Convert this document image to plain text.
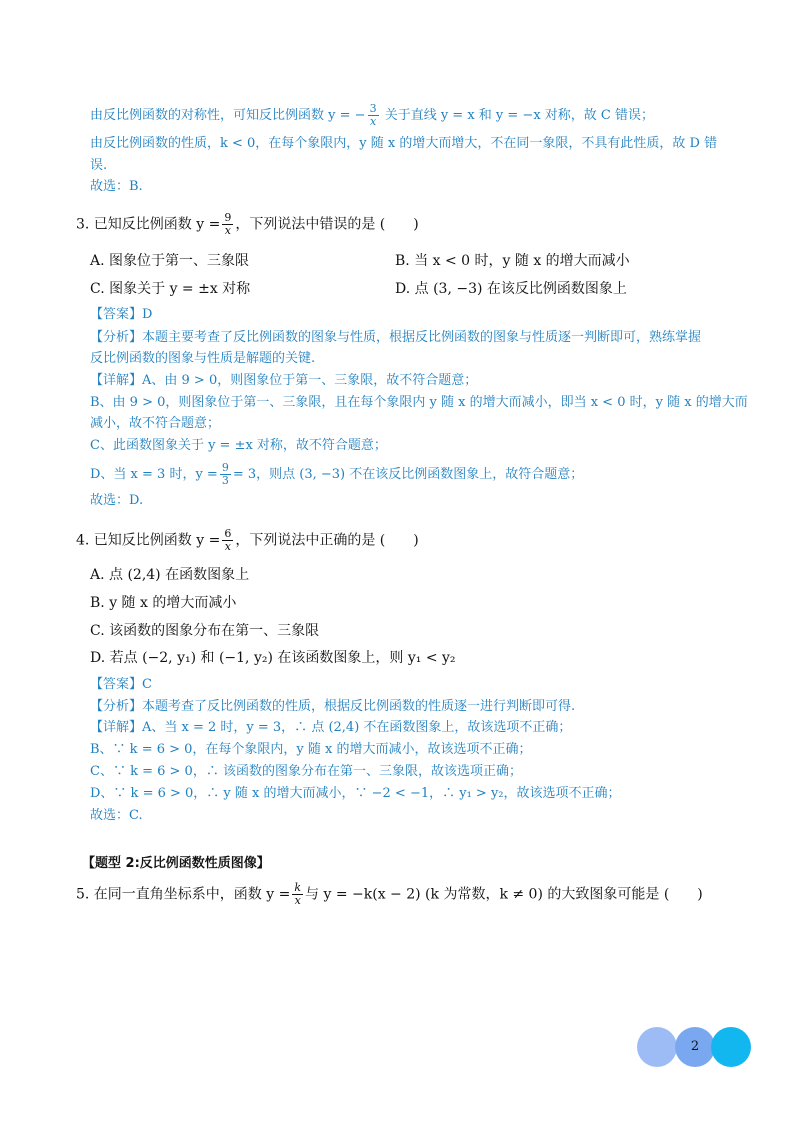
由反比例函数的对称性，可知反比例函数 y = − $\frac{3}{x}$ 关于直线 y = x 和 y = −x 对称，故 C 错误；
由反比例函数的性质，k < 0，在每个象限内，y 随 x 的增大而增大，不在同一象限，不具有此性质，故 D 错
误.
故选：B.
3. 已知反比例函数 $y = \frac{9}{x}$ ，下列说法中错误的是 (　　)
A. 图象位于第一、三象限	B. 当 x < 0 时，y 随 x 的增大而减小
C. 图象关于 y = ±x 对称	D. 点 (3, −3) 在该反比例函数图象上
【答案】D
【分析】本题主要考查了反比例函数的图象与性质，根据反比例函数的图象与性质逐一判断即可，熟练掌握
反比例函数的图象与性质是解题的关键.
【详解】A、由 9 > 0，则图象位于第一、三象限，故不符合题意；
B、由 9 > 0，则图象位于第一、三象限，且在每个象限内 y 随 x 的增大而减小，即当 x < 0 时，y 随 x 的增大而
减小，故不符合题意；
C、此函数图象关于 y = ±x 对称，故不符合题意；
D、当 x = 3 时，$y = \frac{9}{3} = 3$，则点 (3, −3) 不在该反比例函数图象上，故符合题意；
故选：D.
4. 已知反比例函数 $y = \frac{6}{x}$ ，下列说法中正确的是 (　　)
A. 点 (2,4) 在函数图象上
B. y 随 x 的增大而减小
C. 该函数的图象分布在第一、三象限
D. 若点 (−2, y₁) 和 (−1, y₂) 在该函数图象上，则 y₁ < y₂
【答案】C
【分析】本题考查了反比例函数的性质，根据反比例函数的性质逐一进行判断即可得.
【详解】A、当 x = 2 时，y = 3，∴ 点 (2,4) 不在函数图象上，故该选项不正确；
B、∵ k = 6 > 0，在每个象限内，y 随 x 的增大而减小，故该选项不正确；
C、∵ k = 6 > 0，∴ 该函数的图象分布在第一、三象限，故该选项正确；
D、∵ k = 6 > 0，∴ y 随 x 的增大而减小，∵ −2 < −1，∴ y₁ > y₂，故该选项不正确；
故选：C.
【题型 2:反比例函数性质图像】
5. 在同一直角坐标系中，函数 $y = \frac{k}{x}$ 与 y = −k(x − 2) (k 为常数，k ≠ 0) 的大致图象可能是 (　　)
2
